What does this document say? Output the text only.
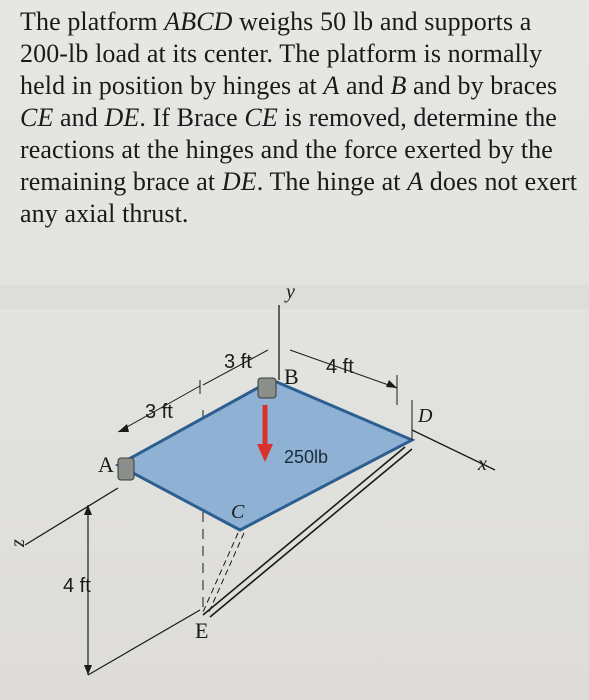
The platform ABCD weighs 50 lb and supports a 200-lb load at its center. The platform is normally held in position by hinges at A and B and by braces CE and DE. If Brace CE is removed, determine the reactions at the hinges and the force exerted by the remaining brace at DE. The hinge at A does not exert any axial thrust.
A
B
C
D
E
x
y
z
3 ft
3 ft	4 ft
4 ft
250lb
